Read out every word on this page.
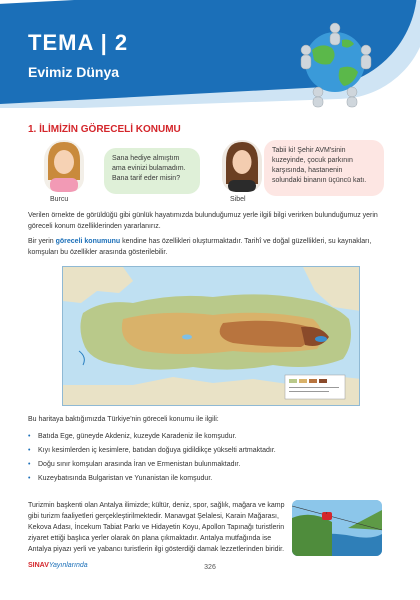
TEMA | 2
Evimiz Dünya
1. İLİMİZİN GÖRECELİ KONUMU
Burcu
Sana hediye almıştım
ama evinizi bulamadım.
Bana tarif eder misin?
Sibel
Tabii ki! Şehir AVM'sinin
kuzeyinde, çocuk parkının
karşısında, hastanenin
solundaki binanın üçüncü katı.
Verilen örnekte de görüldüğü gibi günlük hayatımızda bulunduğumuz yerle ilgili bilgi verirken bulunduğumuz yerin göreceli konum özelliklerinden yararlanırız.
Bir yerin göreceli konumunu kendine has özellikleri oluşturmaktadır. Tarihî ve doğal güzellikleri, su kaynakları, komşuları bu özellikler arasında gösterilebilir.
Bu haritaya baktığımızda Türkiye'nin göreceli konumu ile ilgili:
• Batıda Ege, güneyde Akdeniz, kuzeyde Karadeniz ile komşudur.
• Kıyı kesimlerden iç kesimlere, batıdan doğuya gidildikçe yükselti artmaktadır.
• Doğu sınır komşuları arasında İran ve Ermenistan bulunmaktadır.
• Kuzeybatısında Bulgaristan ve Yunanistan ile komşudur.
Turizmin başkenti olan Antalya ilimizde; kültür, deniz, spor, sağlık, mağara ve kamp gibi turizm faaliyetleri gerçekleştirilmektedir. Manavgat Şelalesi, Karain Mağarası, Kekova Adası, İncekum Tabiat Parkı ve Hidayetin Koyu, Apollon Tapınağı turistlerin ziyaret ettiği başlıca yerler olarak ön plana çıkmaktadır. Antalya mutfağında ise Antalya piyazı yerli ve yabancı turistlerin ilgi gösterdiği damak lezzetlerinden biridir.
SINAVYayınlarında	326
